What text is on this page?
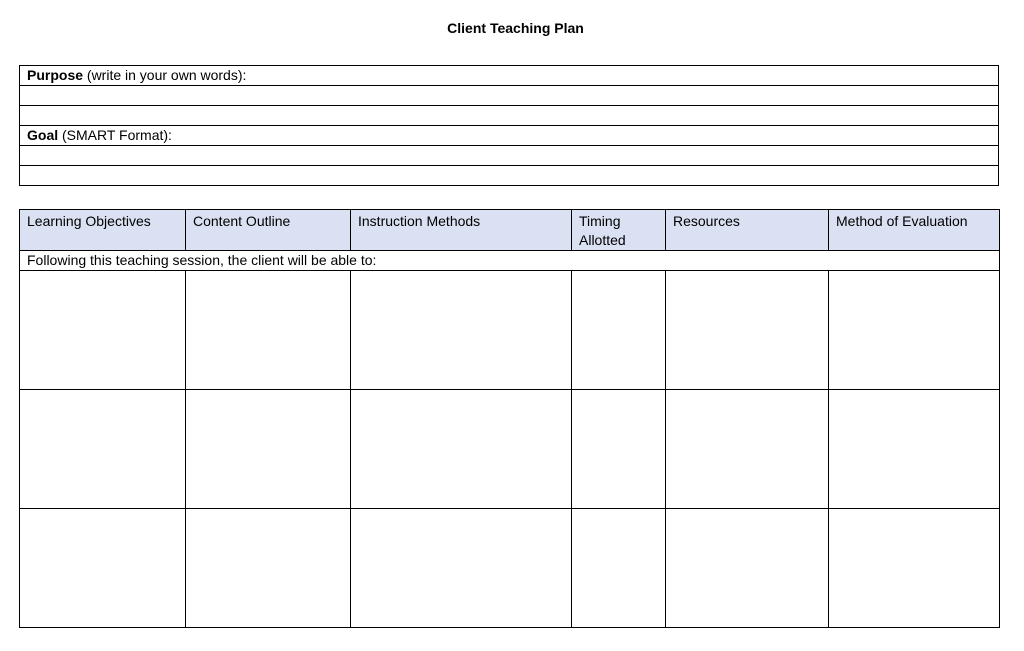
Client Teaching Plan
Purpose (write in your own words):

Goal (SMART Format):

Learning Objectives	Content Outline	Instruction Methods	Timing Allotted	Resources	Method of Evaluation
Following this teaching session, the client will be able to:					
